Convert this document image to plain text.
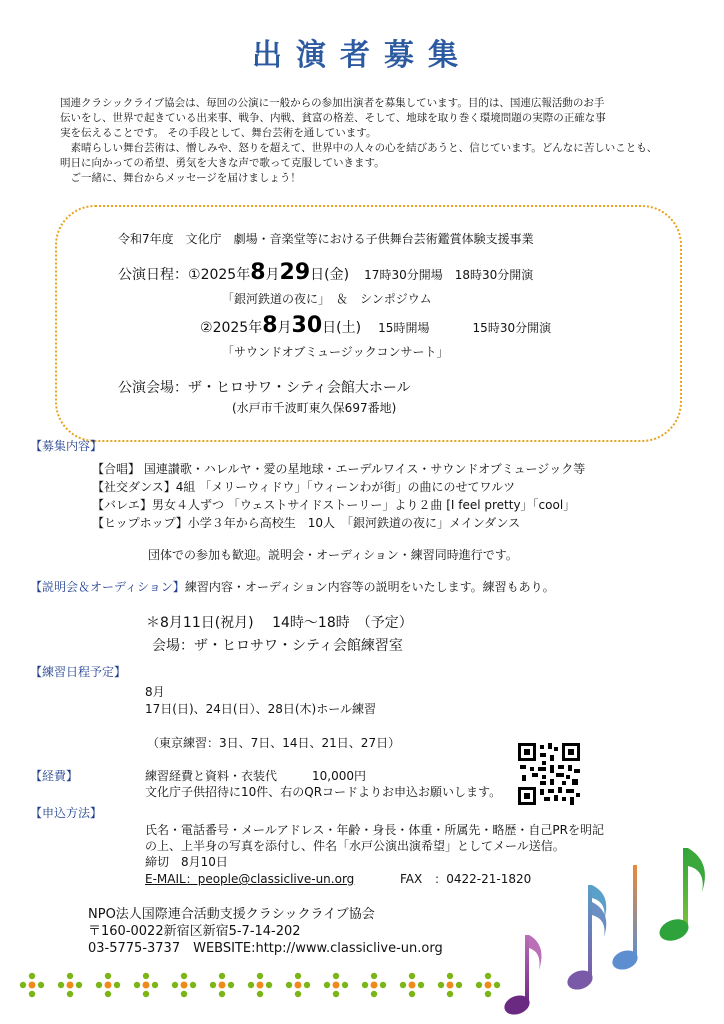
出演者募集

国連クラシックライブ協会は、毎回の公演に一般からの参加出演者を募集しています。目的は、国連広報活動のお手

伝いをし、世界で起きている出来事、戦争、内戦、貧富の格差、そして、地球を取り巻く環境問題の実際の正確な事

実を伝えることです。 その手段として、舞台芸術を通しています。

　素晴らしい舞台芸術は、憎しみや、怒りを超えて、世界中の人々の心を結びあうと、信じています。どんなに苦しいことも、

明日に向かっての希望、勇気を大きな声で歌って克服していきます。

　ご一緒に、舞台からメッセージを届けましょう！

令和7年度　文化庁　劇場・音楽堂等における子供舞台芸術鑑賞体験支援事業
公演日程：①2025年8月29日(金) 17時30分開場　18時30分開演
「銀河鉄道の夜に」　＆　シンポジウム
②2025年8月30日(土) 15時開場	15時30分開演
「サウンドオブミュージックコンサート」
公演会場：ザ・ヒロサワ・シティ会館大ホール
(水戸市千波町東久保697番地)
【募集内容】
【合唱】 国連讃歌・ハレルヤ・愛の星地球・エーデルワイス・サウンドオブミュージック等
【社交ダンス】4組 「メリーウィドウ」「ウィーンわが街」の曲にのせてワルツ
【バレエ】男女４人ずつ 「ウェストサイドストーリー」より２曲 [I feel pretty」「cool」
【ヒップホップ】小学３年から高校生　10人　「銀河鉄道の夜に」メインダンス
団体での参加も歓迎。説明会・オーディション・練習同時進行です。
【説明会＆オーディション】練習内容・オーディション内容等の説明をいたします。練習もあり。
＊8月11日(祝月)　 14時～18時　（予定）
会場：ザ・ヒロサワ・シティ会館練習室
【練習日程予定】
8月
17日(日)、24日(日）、28日(木)ホール練習
（東京練習：3日、7日、14日、21日、27日）
【経費】	練習経費と資料・衣装代	10,000円
文化庁子供招待に10件、右のQRコードよりお申込お願いします。
【申込方法】
氏名・電話番号・メールアドレス・年齢・身長・体重・所属先・略歴・自己PRを明記
の上、上半身の写真を添付し、件名「水戸公演出演希望」としてメール送信。
締切　8月10日
E-MAIL：people@classiclive-un.org	FAX　：0422-21-1820
NPO法人国際連合活動支援クラシックライブ協会
〒160-0022新宿区新宿5-7-14-202
03-5775-3737　WEBSITE:http://www.classiclive-un.org
